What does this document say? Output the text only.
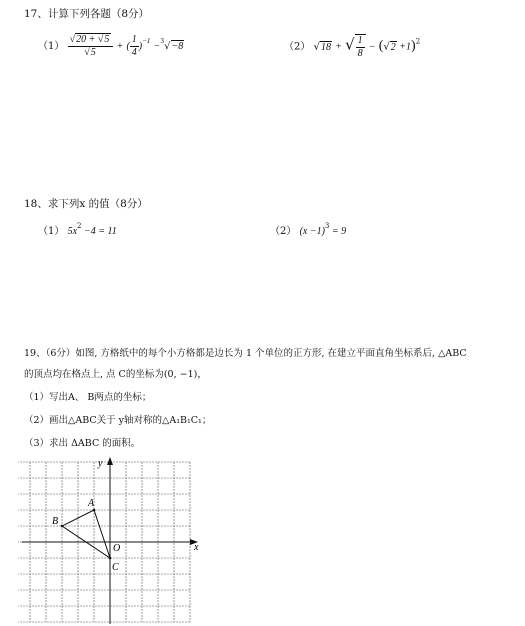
17、计算下列各题（8分）
$(1) \frac{√20 + √5}{√5}$ + ( $\frac{1}{4} )^{-1} -^3√-8$	（2） √18 + √ $\frac{1}{8} - (√2 +1)^2$
18、求下列x 的值（8分）
（1） $5x^2 -4 = 11$	（2） $(x -1)^3 = 9$
19、（6分）如图, 方格纸中的每个小方格都是边长为 1 个单位的正方形, 在建立平面直角坐标系后, △ABC
的顶点均在格点上, 点 C的坐标为(0, −1)，
（1）写出A、 B两点的坐标；
（2）画出△ABC关于 y轴对称的△A₁B₁C₁；
（3）求出 ΔABC 的面积。
x
y
O
A
B
C
